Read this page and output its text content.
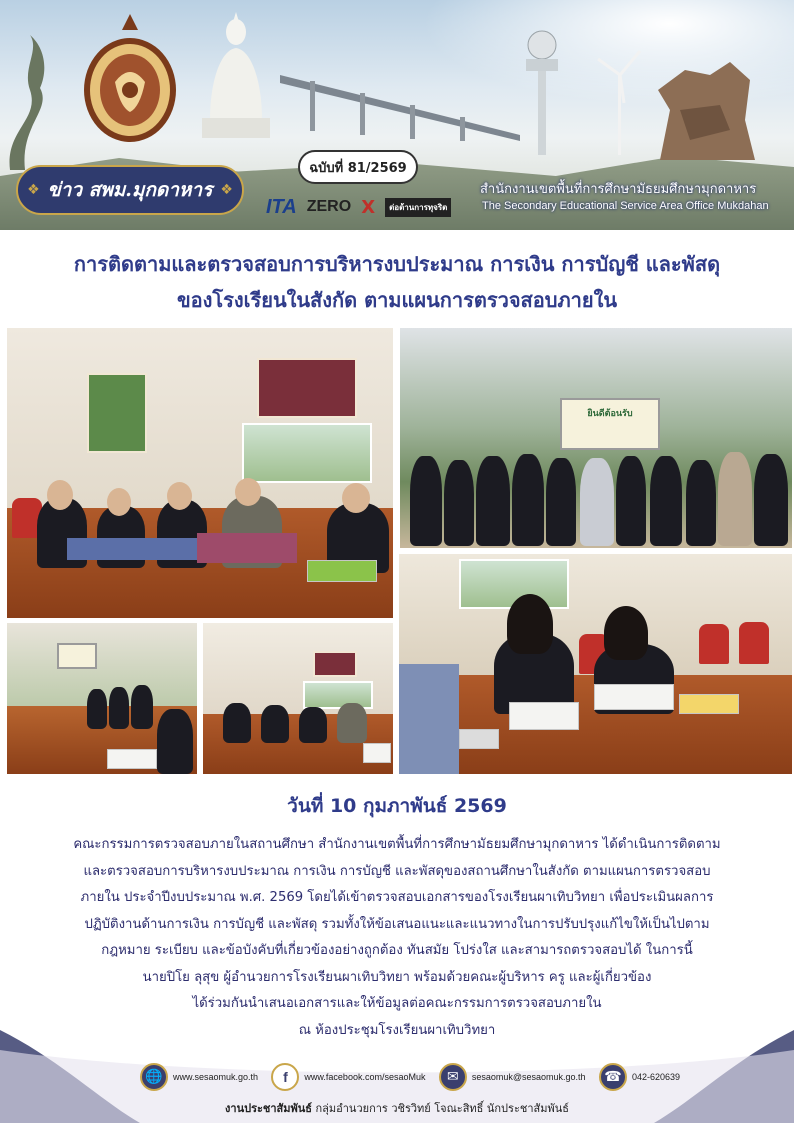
❖ ข่าว สพม.มุกดาหาร ❖
ฉบับที่ 81/2569
ITA ZERO X	ต่อต้านการทุจริต
สำนักงานเขตพื้นที่การศึกษามัธยมศึกษามุกดาหาร
The Secondary Educational Service Area Office Mukdahan
การติดตามและตรวจสอบการบริหารงบประมาณ การเงิน การบัญชี และพัสดุ
ของโรงเรียนในสังกัด ตามแผนการตรวจสอบภายใน
ยินดีต้อนรับ
วันที่ 10 กุมภาพันธ์ 2569
คณะกรรมการตรวจสอบภายในสถานศึกษา สำนักงานเขตพื้นที่การศึกษามัธยมศึกษามุกดาหาร ได้ดำเนินการติดตาม
และตรวจสอบการบริหารงบประมาณ การเงิน การบัญชี และพัสดุของสถานศึกษาในสังกัด ตามแผนการตรวจสอบ
ภายใน ประจำปีงบประมาณ พ.ศ. 2569 โดยได้เข้าตรวจสอบเอกสารของโรงเรียนผาเทิบวิทยา เพื่อประเมินผลการ
ปฏิบัติงานด้านการเงิน การบัญชี และพัสดุ รวมทั้งให้ข้อเสนอแนะและแนวทางในการปรับปรุงแก้ไขให้เป็นไปตาม
กฎหมาย ระเบียบ และข้อบังคับที่เกี่ยวข้องอย่างถูกต้อง ทันสมัย โปร่งใส และสามารถตรวจสอบได้ ในการนี้
นายปิโย ลุสุข ผู้อำนวยการโรงเรียนผาเทิบวิทยา พร้อมด้วยคณะผู้บริหาร ครู และผู้เกี่ยวข้อง
ได้ร่วมกันนำเสนอเอกสารและให้ข้อมูลต่อคณะกรรมการตรวจสอบภายใน
ณ ห้องประชุมโรงเรียนผาเทิบวิทยา
🌐	www.sesaomuk.go.th	f	www.facebook.com/sesaoMuk	✉	sesaomuk@sesaomuk.go.th	☎	042-620639
งานประชาสัมพันธ์ กลุ่มอำนวยการ วชิรวิทย์ โจณะสิทธิ์ นักประชาสัมพันธ์
